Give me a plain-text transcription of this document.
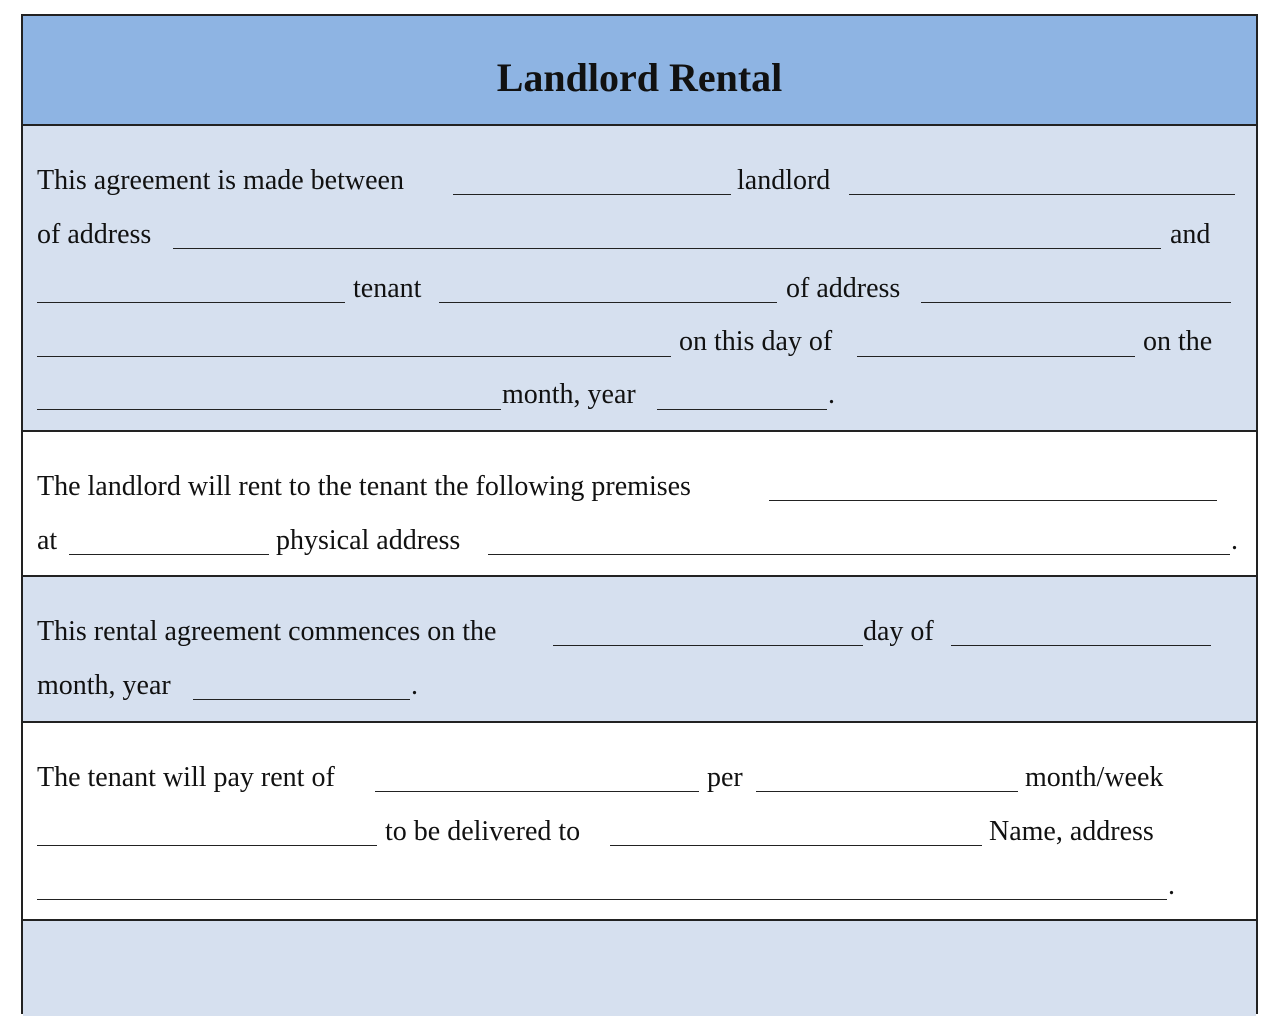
Landlord Rental
This agreement is made between	landlord
of address	and
tenant	of address
on this day of	on the
month, year	.
The landlord will rent to the tenant the following premises
at	physical address	.
This rental agreement commences on the	day of
month, year	.
The tenant will pay rent of	per	month/week
to be delivered to	Name, address
.
